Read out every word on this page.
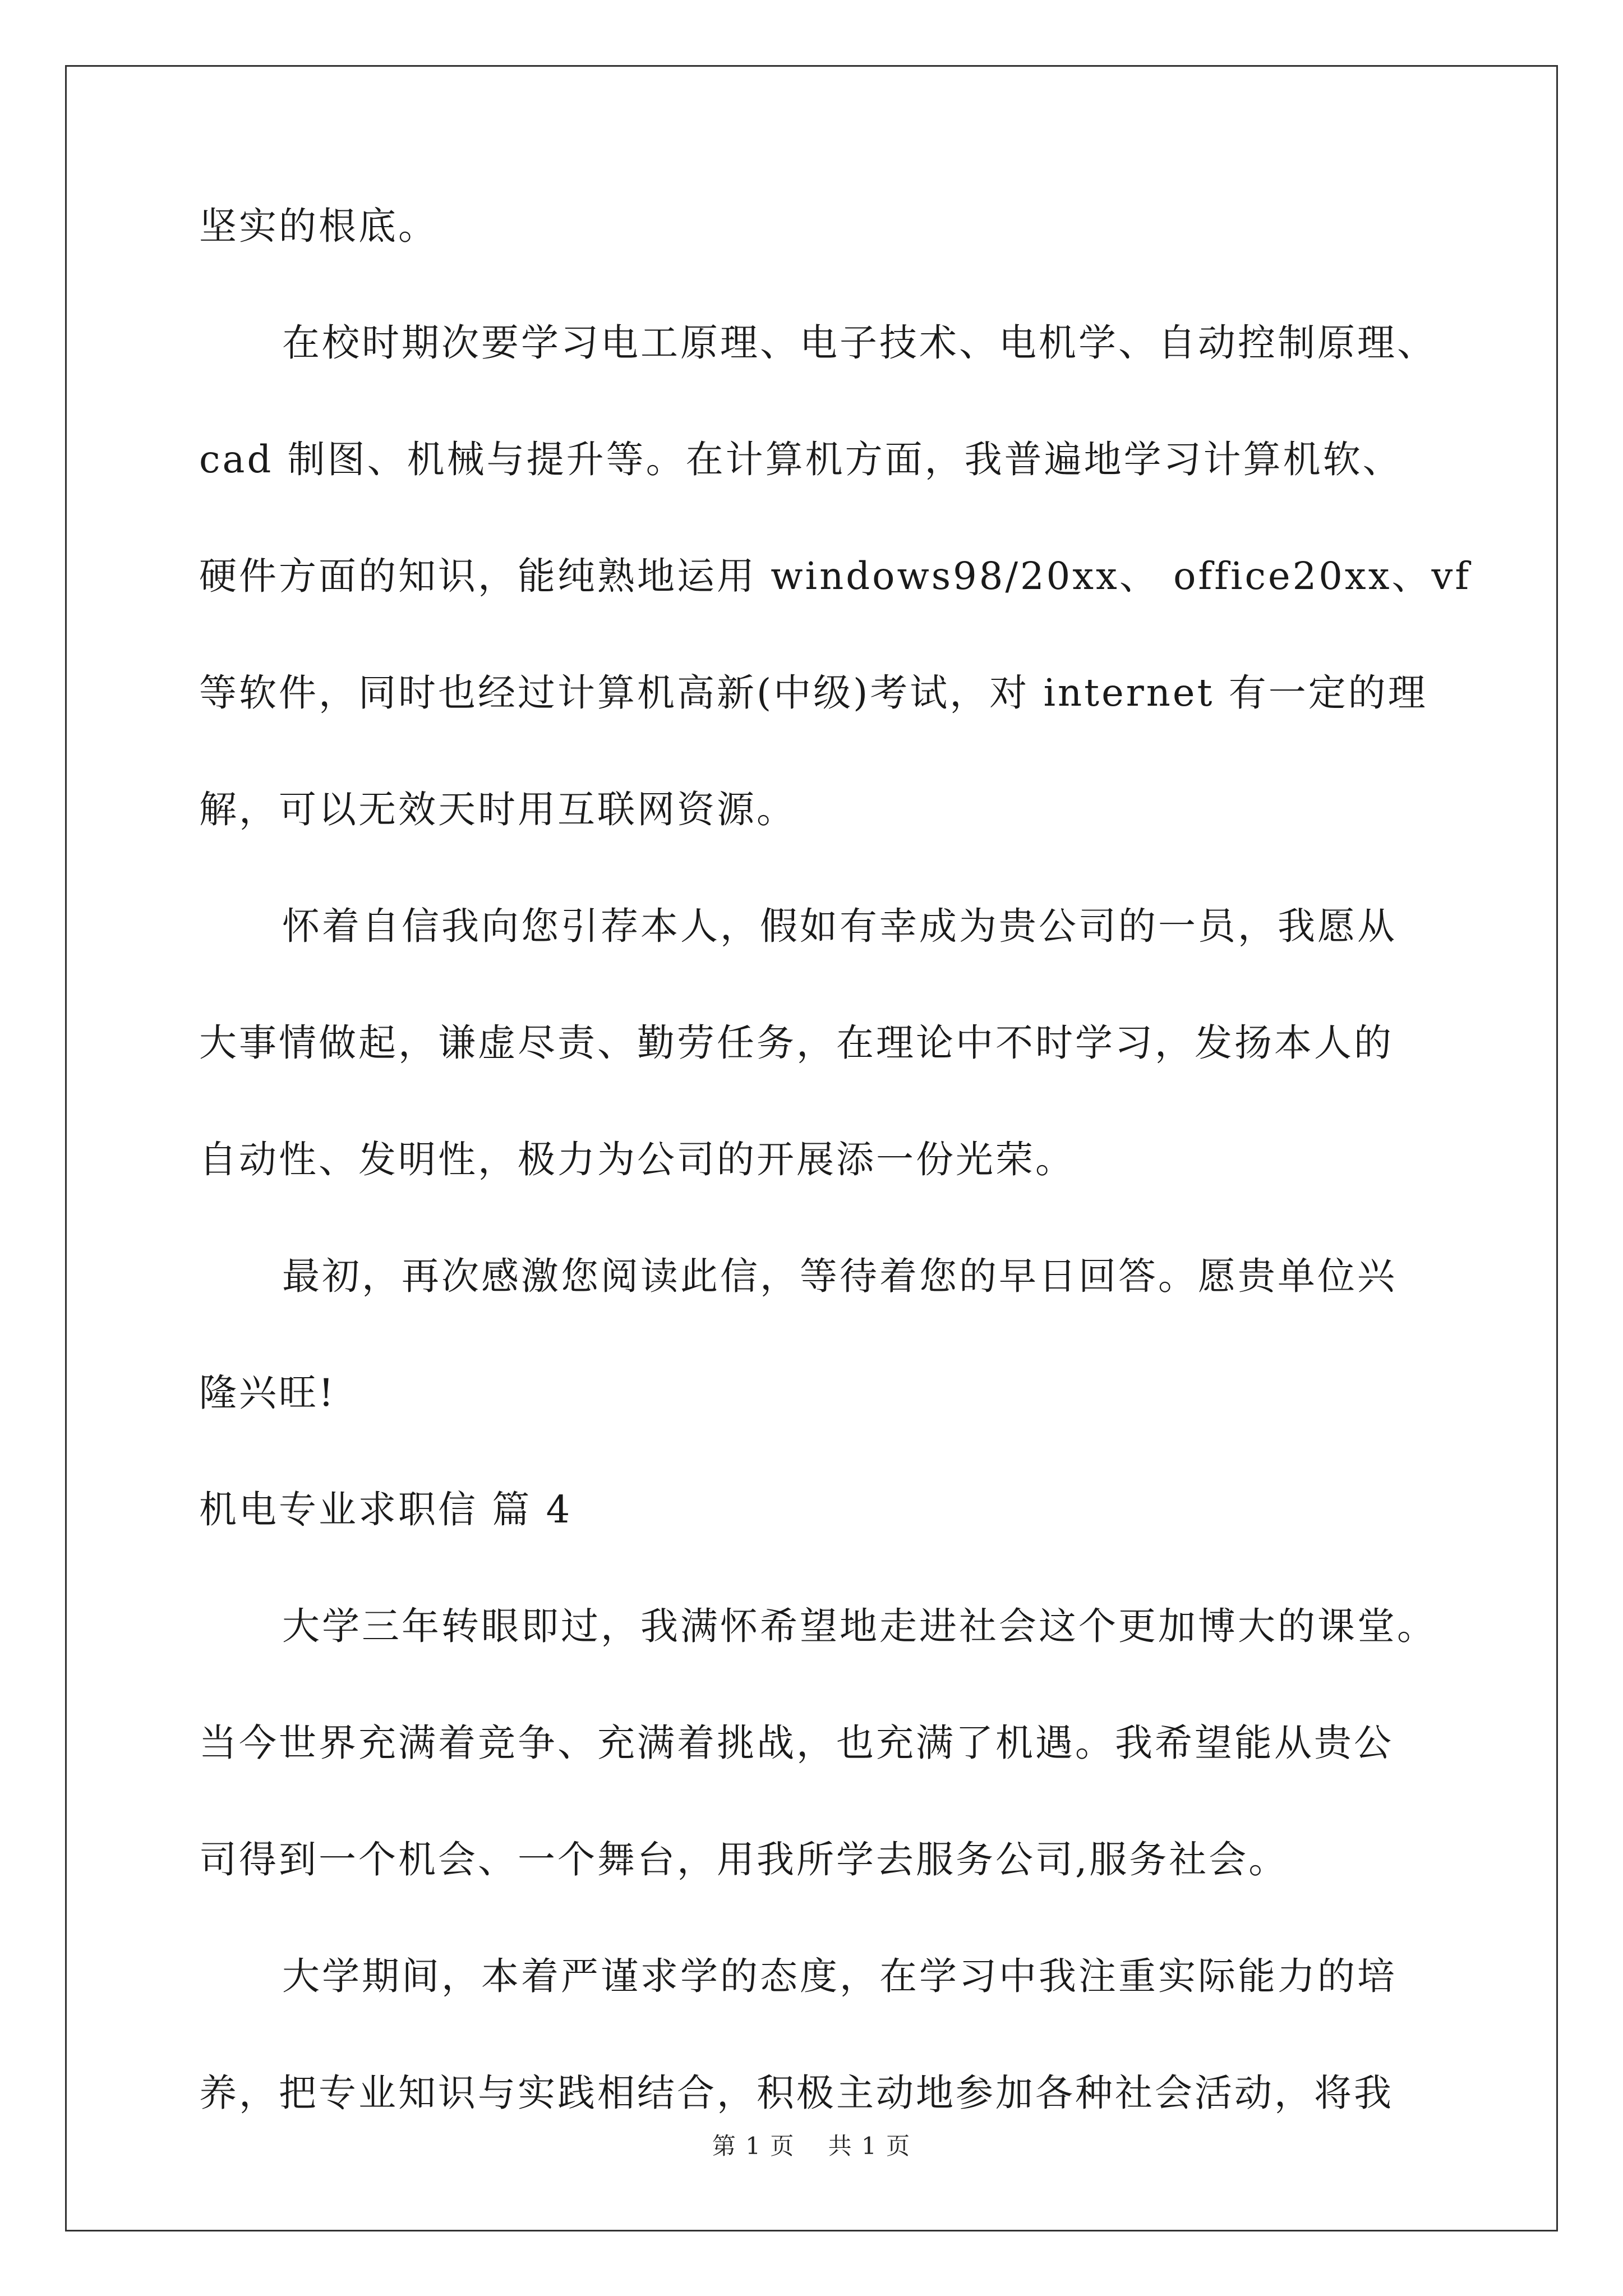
坚实的根底。
在校时期次要学习电工原理、电子技术、电机学、自动控制原理、
cad 制图、机械与提升等。在计算机方面，我普遍地学习计算机软、
硬件方面的知识，能纯熟地运用 windows98/20xx、 office20xx、vf
等软件，同时也经过计算机高新(中级)考试，对 internet 有一定的理
解，可以无效天时用互联网资源。
怀着自信我向您引荐本人，假如有幸成为贵公司的一员，我愿从
大事情做起，谦虚尽责、勤劳任务，在理论中不时学习，发扬本人的
自动性、发明性，极力为公司的开展添一份光荣。
最初，再次感激您阅读此信，等待着您的早日回答。愿贵单位兴
隆兴旺!
机电专业求职信 篇 4
大学三年转眼即过，我满怀希望地走进社会这个更加博大的课堂。
当今世界充满着竞争、充满着挑战，也充满了机遇。我希望能从贵公
司得到一个机会、一个舞台，用我所学去服务公司,服务社会。
大学期间，本着严谨求学的态度，在学习中我注重实际能力的培
养，把专业知识与实践相结合，积极主动地参加各种社会活动，将我
第 1 页　 共 1 页
